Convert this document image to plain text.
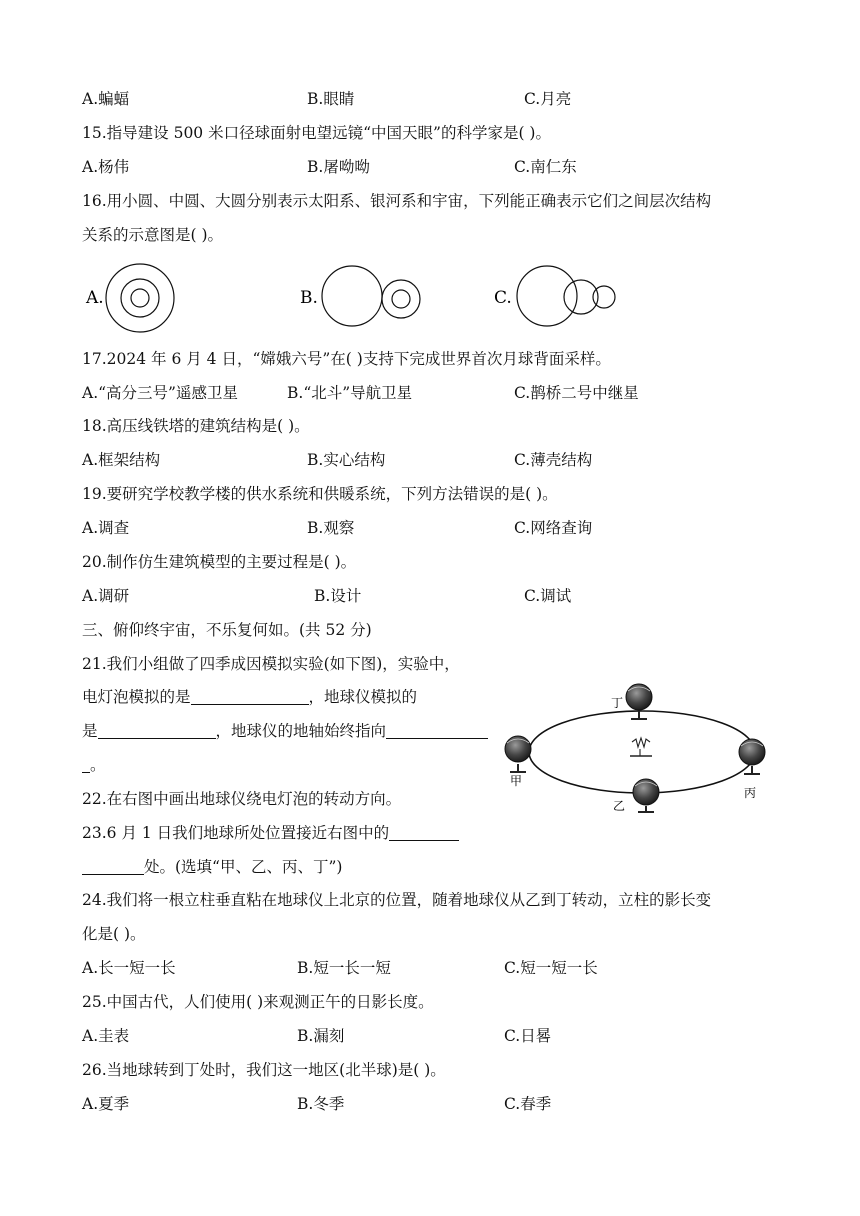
A.蝙蝠	B.眼睛	C.月亮
15.指导建设 500 米口径球面射电望远镜“中国天眼”的科学家是( )。
A.杨伟	B.屠呦呦	C.南仁东
16.用小圆、中圆、大圆分别表示太阳系、银河系和宇宙，下列能正确表示它们之间层次结构
关系的示意图是( )。
A.	B.	C.
17.2024 年 6 月 4 日，“嫦娥六号”在( )支持下完成世界首次月球背面采样。
A.“高分三号”遥感卫星	B.“北斗”导航卫星	C.鹊桥二号中继星
18.高压线铁塔的建筑结构是( )。
A.框架结构	B.实心结构	C.薄壳结构
19.要研究学校教学楼的供水系统和供暖系统，下列方法错误的是( )。
A.调查	B.观察	C.网络查询
20.制作仿生建筑模型的主要过程是( )。
A.调研	B.设计	C.调试
三、俯仰终宇宙，不乐复何如。(共 52 分)
21.我们小组做了四季成因模拟实验(如下图)，实验中，
电灯泡模拟的是	，地球仪模拟的
是	，地球仪的地轴始终指向
。
22.在右图中画出地球仪绕电灯泡的转动方向。
23.6 月 1 日我们地球所处位置接近右图中的
处。(选填“甲、乙、丙、丁”)
丁
甲
乙
丙
24.我们将一根立柱垂直粘在地球仪上北京的位置，随着地球仪从乙到丁转动，立柱的影长变
化是( )。
A.长一短一长	B.短一长一短	C.短一短一长
25.中国古代，人们使用( )来观测正午的日影长度。
A.圭表	B.漏刻	C.日晷
26.当地球转到丁处时，我们这一地区(北半球)是( )。
A.夏季	B.冬季	C.春季
